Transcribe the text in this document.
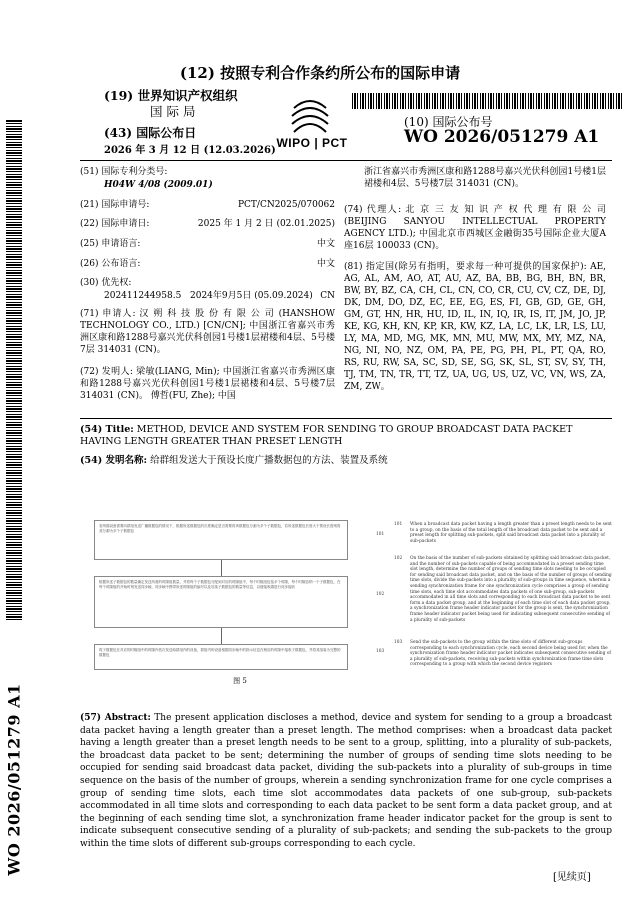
(12) 按照专利合作条约所公布的国际申请
(19) 世界知识产权组织
国 际 局
(43) 国际公布日
2026 年 3 月 12 日 (12.03.2026)
WIPO | PCT
(10) 国际公布号
WO 2026/051279 A1
(51) 国际专利分类号:
H04W 4/08 (2009.01)
(21) 国际申请号:	PCT/CN2025/070062
(22) 国际申请日:	2025 年 1 月 2 日 (02.01.2025)
(25) 申请语言:	中文
(26) 公布语言:	中文
(30) 优先权:
202411244958.5 2024年9月5日 (05.09.2024) CN
(71) 申请人: 汉 朔 科 技 股 份 有 限 公 司 (HANSHOW TECHNOLOGY CO., LTD.) [CN/CN]; 中国浙江省嘉兴市秀洲区康和路1288号嘉兴光伏科创园1号楼1层裙楼和4层、5号楼7层 314031 (CN)。
(72) 发明人: 梁敏(LIANG, Min); 中国浙江省嘉兴市秀洲区康和路1288号嘉兴光伏科创园1号楼1层裙楼和4层、5号楼7层 314031 (CN)。 傅哲(FU, Zhe); 中国
浙江省嘉兴市秀洲区康和路1288号嘉兴光伏科创园1号楼1层裙楼和4层、5号楼7层 314031 (CN)。
(74) 代理人: 北 京 三 友 知 识 产 权 代 理 有 限 公 司 (BEIJING SANYOU INTELLECTUAL PROPERTY AGENCY LTD.); 中国北京市西城区金融街35号国际企业大厦A座16层 100033 (CN)。
(81) 指定国(除另有指明，要求每一种可提供的国家保护): AE, AG, AL, AM, AO, AT, AU, AZ, BA, BB, BG, BH, BN, BR, BW, BY, BZ, CA, CH, CL, CN, CO, CR, CU, CV, CZ, DE, DJ, DK, DM, DO, DZ, EC, EE, EG, ES, FI, GB, GD, GE, GH, GM, GT, HN, HR, HU, ID, IL, IN, IQ, IR, IS, IT, JM, JO, JP, KE, KG, KH, KN, KP, KR, KW, KZ, LA, LC, LK, LR, LS, LU, LY, MA, MD, MG, MK, MN, MU, MW, MX, MY, MZ, NA, NG, NI, NO, NZ, OM, PA, PE, PG, PH, PL, PT, QA, RO, RS, RU, RW, SA, SC, SD, SE, SG, SK, SL, ST, SV, SY, TH, TJ, TM, TN, TR, TT, TZ, UA, UG, US, UZ, VC, VN, WS, ZA, ZM, ZW。
(54) Title: METHOD, DEVICE AND SYSTEM FOR SENDING TO GROUP BROADCAST DATA PACKET HAVING LENGTH GREATER THAN PRESET LENGTH
(54) 发明名称: 给群组发送大于预设长度广播数据包的方法、装置及系统
若终端设备需要向群组发送广播数据包的情况下，根据所述数据包的长度确定是否需要将该数据包分割为多个子数据包，若所述数据包长度大于预设长度则将其分割为多个子数据包
101
根据所述子数据包的数量确定发送所需的时隙组数量，并将每个子数据包分配到对应的时隙组中，每个时隙组包括多个时隙，每个时隙容纳一个子数据包，在每个时隙组的开始时刻发送同步帧，同步帧中携带所述时隙组的编号以及后续子数据包的数量等信息，以便接收端进行同步接收
102
将子数据包在对应的时隙组中的时隙内依次发送给群组内的设备，群组内的设备根据同步帧中的指示信息在相应的时隙中接收子数据包，并将其组装为完整的数据包
103
图 5
101 When a broadcast data packet having a length greater than a preset length needs to be sent to a group, on the basis of the total length of the broadcast data packet to be sent and a preset length for splitting sub-packets, split said broadcast data packet into a plurality of sub-packets
102 On the basis of the number of sub-packets obtained by splitting said broadcast data packet, and the number of sub-packets capable of being accommodated in a preset sending time slot length, determine the number of groups of sending time slots needing to be occupied for sending said broadcast data packet, and on the basis of the number of groups of sending time slots, divide the sub-packets into a plurality of sub-groups in time sequence, wherein a sending synchronization frame for one synchronization cycle comprises a group of sending time slots, each time slot accommodates data packets of one sub-group, sub-packets accommodated in all time slots and corresponding to each broadcast data packet to be sent form a data packet group, and at the beginning of each time slot of each data packet group, a synchronization frame header indicator packet for the group is sent, the synchronization frame header indicator packet being used for indicating subsequent consecutive sending of a plurality of sub-packets
103 Send the sub-packets to the group within the time slots of different sub-groups corresponding to each synchronization cycle, each second device being used for, when the synchronization frame header indicator packet indicates subsequent consecutive sending of a plurality of sub-packets, receiving sub-packets within synchronization frame time slots corresponding to a group with which the second device registers
(57) Abstract: The present application discloses a method, device and system for sending to a group a broadcast data packet having a length greater than a preset length. The method comprises: when a broadcast data packet having a length greater than a preset length needs to be sent to a group, splitting, into a plurality of sub-packets, the broadcast data packet to be sent; determining the number of groups of sending time slots needing to be occupied for sending said broadcast data packet, dividing the sub-packets into a plurality of sub-groups in time sequence on the basis of the number of groups, wherein a sending synchronization frame for one cycle comprises a group of sending time slots, each time slot accommodates data packets of one sub-group, sub-packets accommodated in all time slots and corresponding to each data packet to be sent form a data packet group, and at the beginning of each sending time slot, a synchronization frame header indicator packet for the group is sent to indicate subsequent consecutive sending of a plurality of sub-packets; and sending the sub-packets to the group within the time slots of different sub-groups corresponding to each cycle.
WO 2026/051279 A1
[见续页]
